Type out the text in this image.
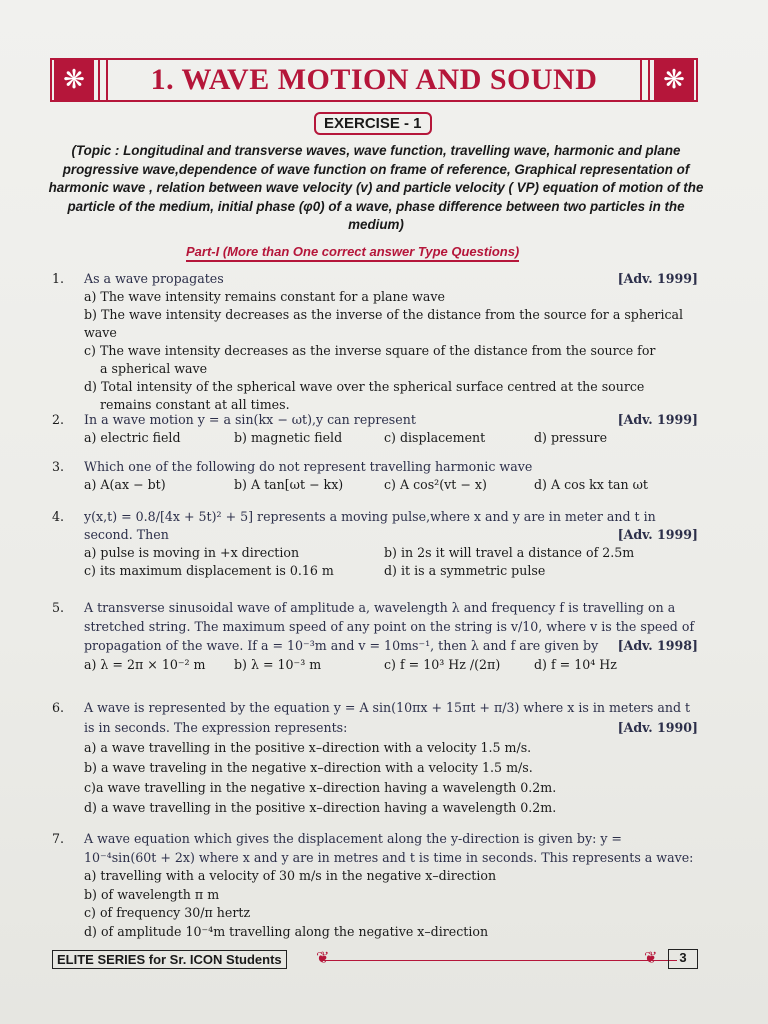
❋	1. WAVE MOTION AND SOUND	❋
EXERCISE - 1
(Topic : Longitudinal and transverse waves, wave function, travelling wave, harmonic and plane progressive wave,dependence of wave function on frame of reference, Graphical representation of harmonic wave , relation between wave velocity (v) and particle velocity ( VP) equation of motion of the particle of the medium, initial phase (φ0) of a wave, phase difference between two particles in the medium)
Part-I (More than One correct answer Type Questions)
1.	[Adv. 1999]
As a wave propagates
a) The wave intensity remains constant for a plane wave
b) The wave intensity decreases as the inverse of the distance from the source for a spherical wave
c) The wave intensity decreases as the inverse square of the distance from the source for a spherical wave
d) Total intensity of the spherical wave over the spherical surface centred at the source remains constant at all times.
2.	[Adv. 1999]
In a wave motion y = a sin(kx − ωt),y can represent
a) electric field	b) magnetic field	c) displacement	d) pressure
3.	Which one of the following do not represent travelling harmonic wave
a) A(ax − bt)	b) A tan[ωt − kx)	c) A cos²(vt − x)	d) A cos kx tan ωt
4.	y(x,t) = 0.8/[4x + 5t)² + 5] represents a moving pulse,where x and y are in meter and t in second. Then	[Adv. 1999]
a) pulse is moving in +x direction	b) in 2s it will travel a distance of 2.5m
c) its maximum displacement is 0.16 m	d) it is a symmetric pulse
5.	A transverse sinusoidal wave of amplitude a, wavelength λ and frequency f is travelling on a stretched string. The maximum speed of any point on the string is v/10, where v is the speed of propagation of the wave. If a = 10⁻³m and v = 10ms⁻¹, then λ and f are given by [Adv. 1998]
a) λ = 2π × 10⁻² m	b) λ = 10⁻³ m	c) f = 10³ Hz /(2π)	d) f = 10⁴ Hz
6.	A wave is represented by the equation y = A sin(10πx + 15πt + π/3) where x is in meters and t is in seconds. The expression represents:	[Adv. 1990]
a) a wave travelling in the positive x–direction with a velocity 1.5 m/s.
b) a wave traveling in the negative x–direction with a velocity 1.5 m/s.
c)a wave travelling in the negative x–direction having a wavelength 0.2m.
d) a wave travelling in the positive x–direction having a wavelength 0.2m.
7.	A wave equation which gives the displacement along the y-direction is given by: y = 10⁻⁴sin(60t + 2x) where x and y are in metres and t is time in seconds. This represents a wave:
a) travelling with a velocity of 30 m/s in the negative x–direction
b) of wavelength π m
c) of frequency 30/π hertz
d) of amplitude 10⁻⁴m travelling along the negative x–direction
ELITE SERIES for Sr. ICON Students	❦	❦	3
